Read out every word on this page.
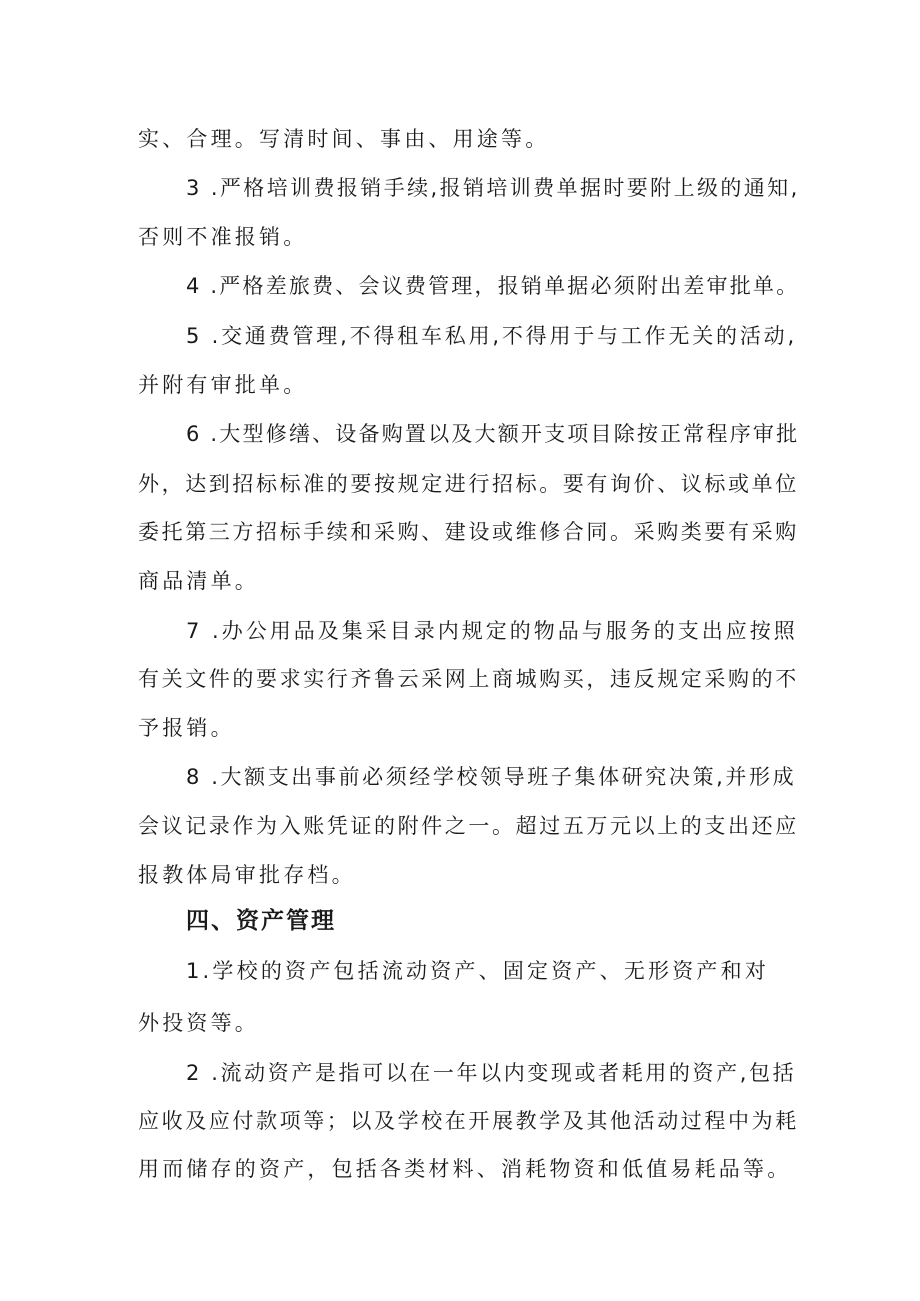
实、合理。写清时间、事由、用途等。

3 .严格培训费报销手续,报销培训费单据时要附上级的通知,

否则不准报销。

4 .严格差旅费、会议费管理，报销单据必须附出差审批单。

5 .交通费管理,不得租车私用,不得用于与工作无关的活动,

并附有审批单。

6 .大型修缮、设备购置以及大额开支项目除按正常程序审批

外，达到招标标准的要按规定进行招标。要有询价、议标或单位

委托第三方招标手续和采购、建设或维修合同。采购类要有采购

商品清单。

7 .办公用品及集采目录内规定的物品与服务的支出应按照

有关文件的要求实行齐鲁云采网上商城购买，违反规定采购的不

予报销。

8 .大额支出事前必须经学校领导班子集体研究决策,并形成

会议记录作为入账凭证的附件之一。超过五万元以上的支出还应

报教体局审批存档。

四、资产管理

1.学校的资产包括流动资产、固定资产、无形资产和对

外投资等。

2 .流动资产是指可以在一年以内变现或者耗用的资产,包括

应收及应付款项等；以及学校在开展教学及其他活动过程中为耗

用而储存的资产，包括各类材料、消耗物资和低值易耗品等。
